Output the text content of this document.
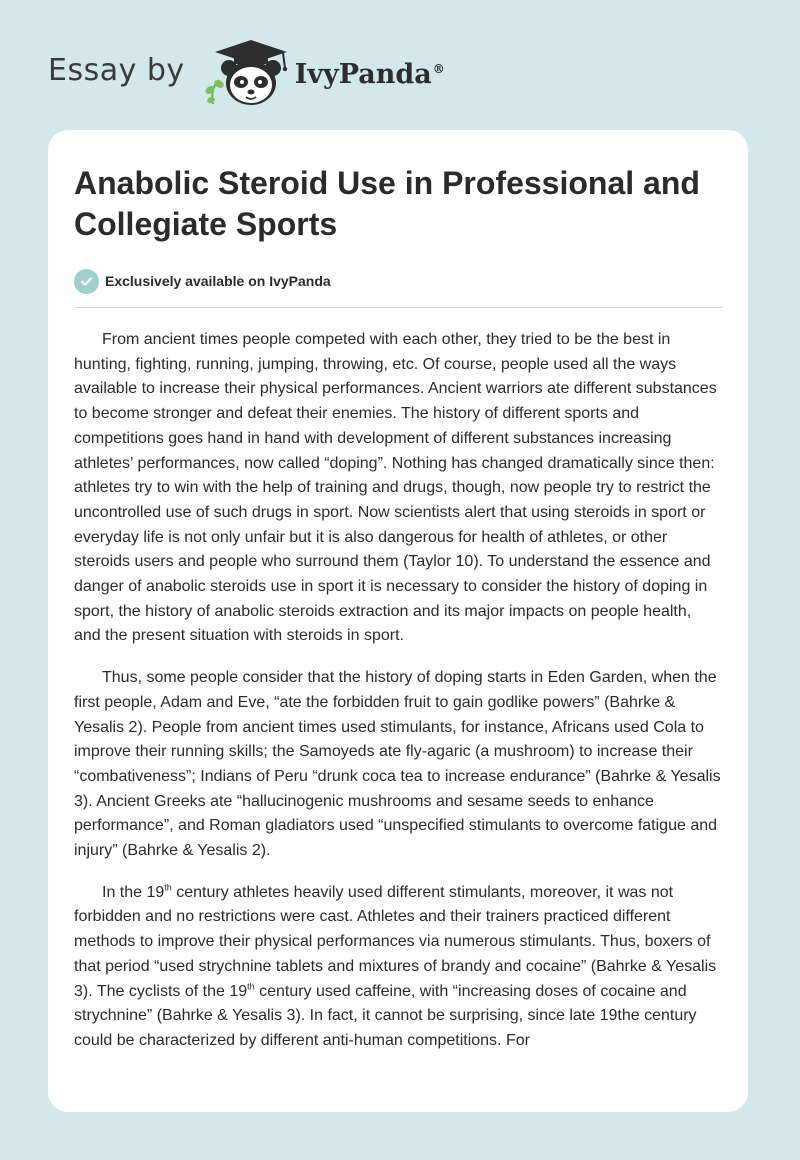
Essay by	IvyPanda®
Anabolic Steroid Use in Professional and Collegiate Sports
Exclusively available on IvyPanda

From ancient times people competed with each other, they tried to be the best in hunting, fighting, running, jumping, throwing, etc. Of course, people used all the ways available to increase their physical performances. Ancient warriors ate different substances to become stronger and defeat their enemies. The history of different sports and competitions goes hand in hand with development of different substances increasing athletes’ performances, now called “doping”. Nothing has changed dramatically since then: athletes try to win with the help of training and drugs, though, now people try to restrict the uncontrolled use of such drugs in sport. Now scientists alert that using steroids in sport or everyday life is not only unfair but it is also dangerous for health of athletes, or other steroids users and people who surround them (Taylor 10). To understand the essence and danger of anabolic steroids use in sport it is necessary to consider the history of doping in sport, the history of anabolic steroids extraction and its major impacts on people health, and the present situation with steroids in sport.

Thus, some people consider that the history of doping starts in Eden Garden, when the first people, Adam and Eve, “ate the forbidden fruit to gain godlike powers” (Bahrke & Yesalis 2). People from ancient times used stimulants, for instance, Africans used Cola to improve their running skills; the Samoyeds ate fly-agaric (a mushroom) to increase their “combativeness”; Indians of Peru “drunk coca tea to increase endurance” (Bahrke & Yesalis 3). Ancient Greeks ate “hallucinogenic mushrooms and sesame seeds to enhance performance”, and Roman gladiators used “unspecified stimulants to overcome fatigue and injury” (Bahrke & Yesalis 2).

In the 19th century athletes heavily used different stimulants, moreover, it was not forbidden and no restrictions were cast. Athletes and their trainers practiced different methods to improve their physical performances via numerous stimulants. Thus, boxers of that period “used strychnine tablets and mixtures of brandy and cocaine” (Bahrke & Yesalis 3). The cyclists of the 19th century used caffeine, with “increasing doses of cocaine and strychnine” (Bahrke & Yesalis 3). In fact, it cannot be surprising, since late 19the century could be characterized by different anti-human competitions. For
